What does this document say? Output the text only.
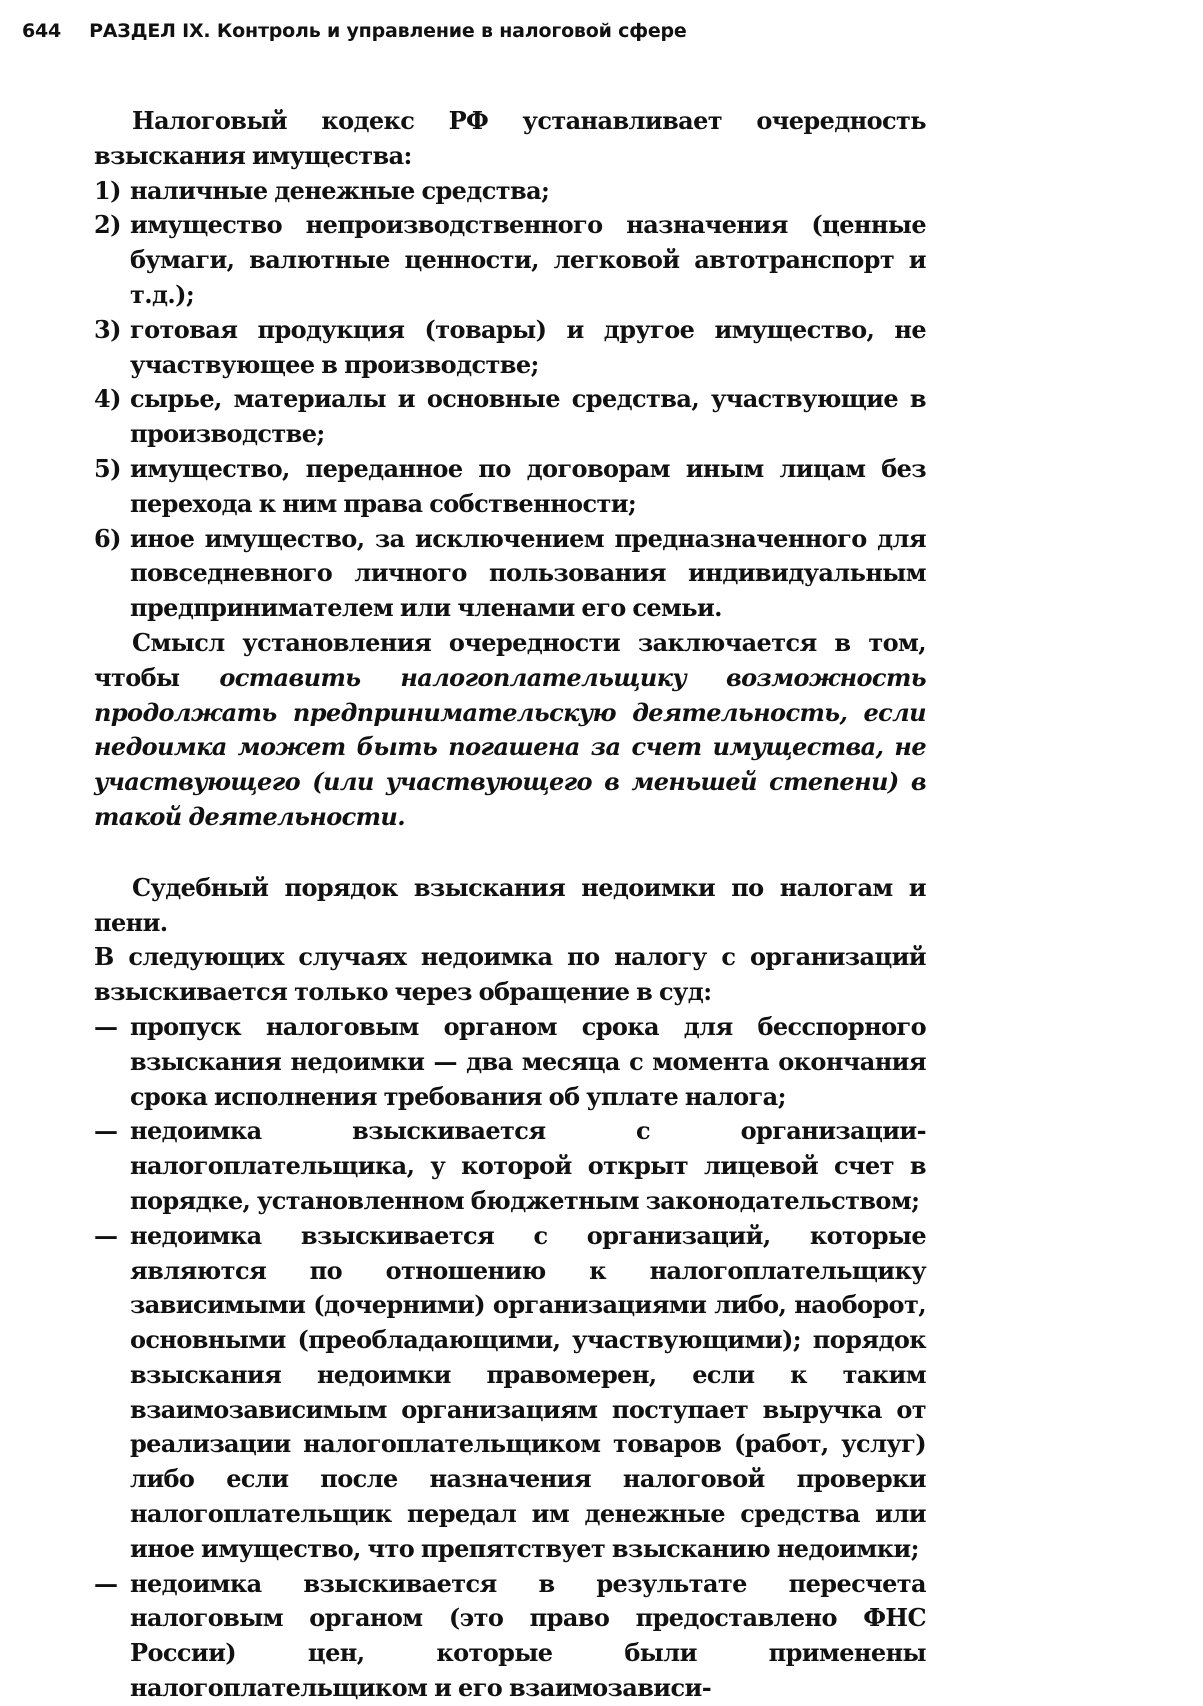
644 РАЗДЕЛ IX. Контроль и управление в налоговой сфере

Налоговый кодекс РФ устанавливает очередность взыскания имущества:

1) наличные денежные средства;
2) имущество непроизводственного назначения (ценные бумаги, валютные ценности, легковой автотранспорт и т.д.);
3) готовая продукция (товары) и другое имущество, не участвующее в производстве;
4) сырье, материалы и основные средства, участвующие в производстве;
5) имущество, переданное по договорам иным лицам без перехода к ним права собственности;
6) иное имущество, за исключением предназначенного для повседневного личного пользования индивидуальным предпринимателем или членами его семьи.

Смысл установления очередности заключается в том, чтобы оставить налогоплательщику возможность продолжать предпринимательскую деятельность, если недоимка может быть погашена за счет имущества, не участвующего (или участвующего в меньшей степени) в такой деятельности.

Судебный порядок взыскания недоимки по налогам и пени.

В следующих случаях недоимка по налогу с организаций взыскивается только через обращение в суд:

— пропуск налоговым органом срока для бесспорного взыскания недоимки — два месяца с момента окончания срока исполнения требования об уплате налога;
— недоимка взыскивается с организации-налогоплательщика, у которой открыт лицевой счет в порядке, установленном бюджетным законодательством;
— недоимка взыскивается с организаций, которые являются по отношению к налогоплательщику зависимыми (дочерними) организациями либо, наоборот, основными (преобладающими, участвующими); порядок взыскания недоимки правомерен, если к таким взаимозависимым организациям поступает выручка от реализации налогоплательщиком товаров (работ, услуг) либо если после назначения налоговой проверки налогоплательщик передал им денежные средства или иное имущество, что препятствует взысканию недоимки;
— недоимка взыскивается в результате пересчета налоговым органом (это право предоставлено ФНС России) цен, которые были применены налогоплательщиком и его взаимозависи-
